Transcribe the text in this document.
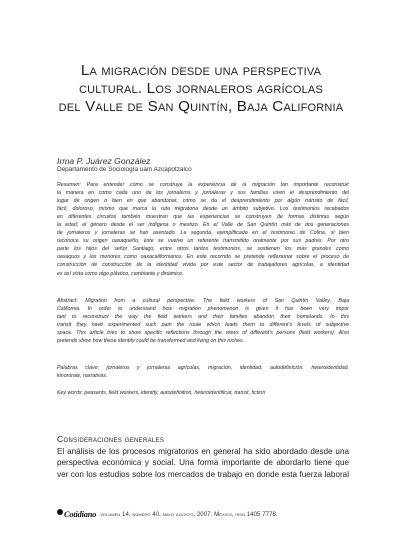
La migración desde una perspectiva
cultural. Los jornaleros agrícolas
del Valle de San Quintín, Baja California
Irma P. Juárez González
Departamento de Sociología uam Azcapotzalco
Resumen: Para entender cómo se construye la experiencia de la migración tan importante reconstruir
la manera en como cada uno de los jornaleros y jornaleras y sus familias viven el desprendimiento del
lugar de origen o bien en que abandonar, cómo se da el desprendimiento por algún tránsito de fácil,
fácil, doloroso, mismo que marca la ruta migratoria desde un ámbito subjetivo. Los testimonios recabados
en diferentes circuitos también muestran que las experiencias se construyen de formas distintas según
la edad, el género desde el ser indígena o mestizo. En el Valle de San Quintín más de dos generaciones
de jornaleros y jornaleras se han asentado. La segunda, ejemplificada en el testimonio de Colina, si bien
reconoce su origen oaxaqueño, éste se vuelve un referente transmitido oralmente por sus padres. Por otro
parte los hijos del señor Santiago, entre otros tantos testimonios, se sostienen los más grandes como
oaxaquos y los menores como oaxacalifornianos. En este recorrido se pretende reflexionar sobre el proceso de
construcción de construcción de la identidad vivida por este sector de trabajadores agrícolas, a identidad
es así vista como algo plástico, cambiante y dinámico.
Abstract: Migration from a cultural perspective. The field workers of San Quintín Valley, Baja
California. In order to understand how migration phenomenon is given it has been very impor
tant to reconstruct the way the field workers and their families abandon their homelands. In this
transit they have experimented such pain the route which leads them to different's levels of subjective
space. This article tries to show specific reflections through the views of different's persons (field workers). Also
pretends show how these identity could be transformed and living on this niches.
Palabras clave: jornaleros y jornaleras agrícolas, migración, identidad, autodefinición, heteroidentidad,
kinororale, narrativas.
Key words: peasants, field workers, identity, autodefinition, heteroidentificat, transit, fiction
Consideraciones generales
El análisis de los procesos migratorios en general ha sido abordado desde una
perspectiva económica y social. Una forma importante de abordarlo tiene que
ver con los estudios sobre los mercados de trabajo en donde esta fuerza laboral
Cotidiano volumen 14, número 40, mayo agosto, 2007, México, issn 1405 7778.
